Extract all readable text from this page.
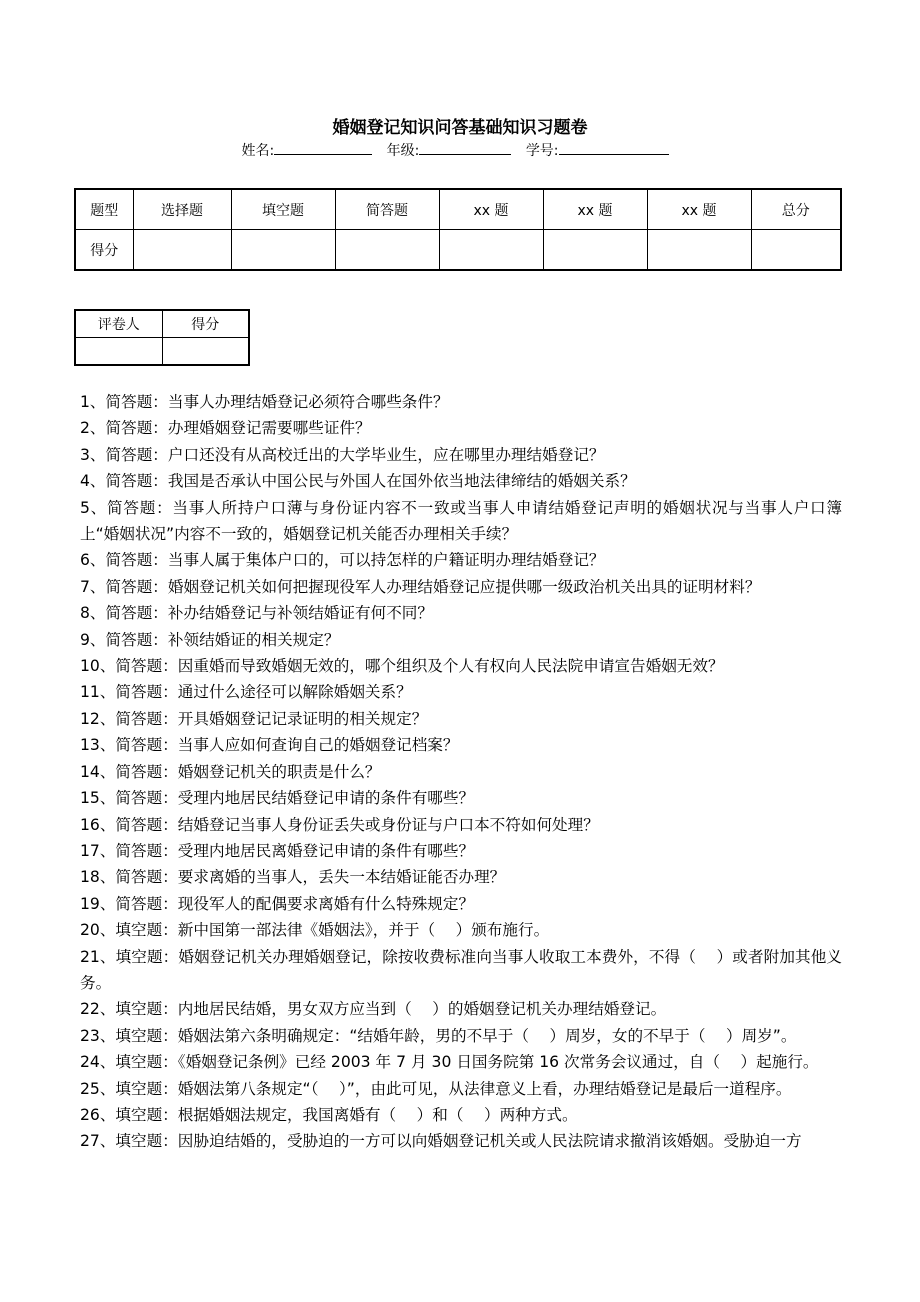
婚姻登记知识问答基础知识习题卷
姓名:	年级:	学号:
题型	选择题	填空题	简答题	xx 题	xx 题	xx 题	总分
得分							
评卷人	得分

1、简答题：当事人办理结婚登记必须符合哪些条件？

2、简答题：办理婚姻登记需要哪些证件？

3、简答题：户口还没有从高校迁出的大学毕业生，应在哪里办理结婚登记？

4、简答题：我国是否承认中国公民与外国人在国外依当地法律缔结的婚姻关系？

5、简答题：当事人所持户口薄与身份证内容不一致或当事人申请结婚登记声明的婚姻状况与当事人户口簿上“婚姻状况”内容不一致的，婚姻登记机关能否办理相关手续？

6、简答题：当事人属于集体户口的，可以持怎样的户籍证明办理结婚登记？

7、简答题：婚姻登记机关如何把握现役军人办理结婚登记应提供哪一级政治机关出具的证明材料？

8、简答题：补办结婚登记与补领结婚证有何不同？

9、简答题：补领结婚证的相关规定？

10、简答题：因重婚而导致婚姻无效的，哪个组织及个人有权向人民法院申请宣告婚姻无效？

11、简答题：通过什么途径可以解除婚姻关系？

12、简答题：开具婚姻登记记录证明的相关规定？

13、简答题：当事人应如何查询自己的婚姻登记档案？

14、简答题：婚姻登记机关的职责是什么？

15、简答题：受理内地居民结婚登记申请的条件有哪些？

16、简答题：结婚登记当事人身份证丢失或身份证与户口本不符如何处理？

17、简答题：受理内地居民离婚登记申请的条件有哪些？

18、简答题：要求离婚的当事人，丢失一本结婚证能否办理？

19、简答题：现役军人的配偶要求离婚有什么特殊规定？

20、填空题：新中国第一部法律《婚姻法》，并于（　 ）颁布施行。

21、填空题：婚姻登记机关办理婚姻登记，除按收费标准向当事人收取工本费外，不得（　 ）或者附加其他义务。

22、填空题：内地居民结婚，男女双方应当到（　 ）的婚姻登记机关办理结婚登记。

23、填空题：婚姻法第六条明确规定：“结婚年龄，男的不早于（　 ）周岁，女的不早于（　 ）周岁”。

24、填空题：《婚姻登记条例》已经 2003 年 7 月 30 日国务院第 16 次常务会议通过，自（　 ）起施行。

25、填空题：婚姻法第八条规定“（　 ）”，由此可见，从法律意义上看，办理结婚登记是最后一道程序。

26、填空题：根据婚姻法规定，我国离婚有（　 ）和（　 ）两种方式。

27、填空题：因胁迫结婚的，受胁迫的一方可以向婚姻登记机关或人民法院请求撤消该婚姻。受胁迫一方
